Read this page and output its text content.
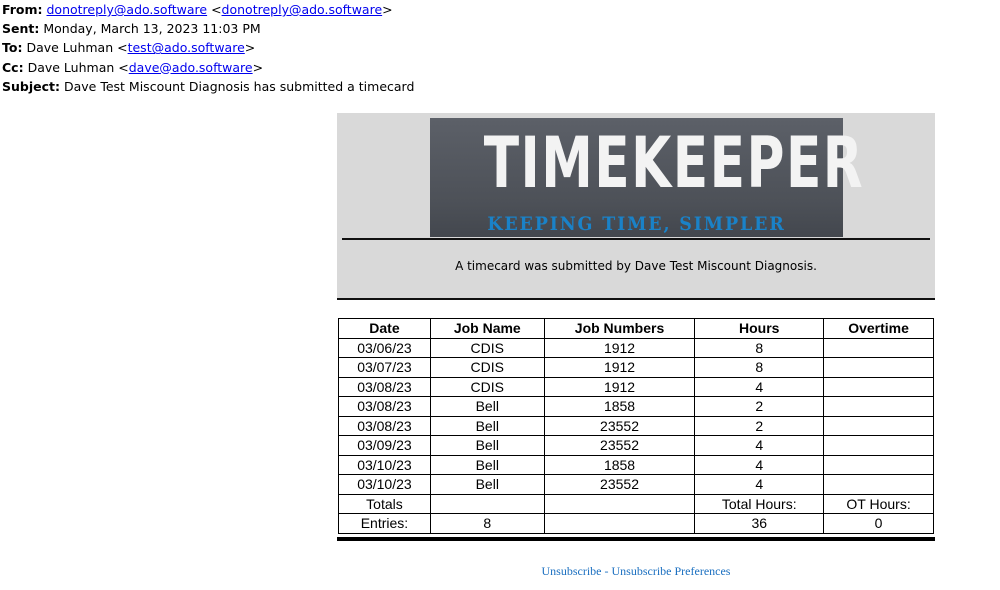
From: donotreply@ado.software <donotreply@ado.software>
Sent: Monday, March 13, 2023 11:03 PM
To: Dave Luhman <test@ado.software>
Cc: Dave Luhman <dave@ado.software>
Subject: Dave Test Miscount Diagnosis has submitted a timecard
TIMEKEEPER
KEEPING TIME, SIMPLER
A timecard was submitted by Dave Test Miscount Diagnosis.
Date	Job Name	Job Numbers	Hours	Overtime
03/06/23	CDIS	1912	8	
03/07/23	CDIS	1912	8	
03/08/23	CDIS	1912	4	
03/08/23	Bell	1858	2	
03/08/23	Bell	23552	2	
03/09/23	Bell	23552	4	
03/10/23	Bell	1858	4	
03/10/23	Bell	23552	4	
Totals			Total Hours:	OT Hours:
Entries:	8		36	0
Unsubscribe - Unsubscribe Preferences
